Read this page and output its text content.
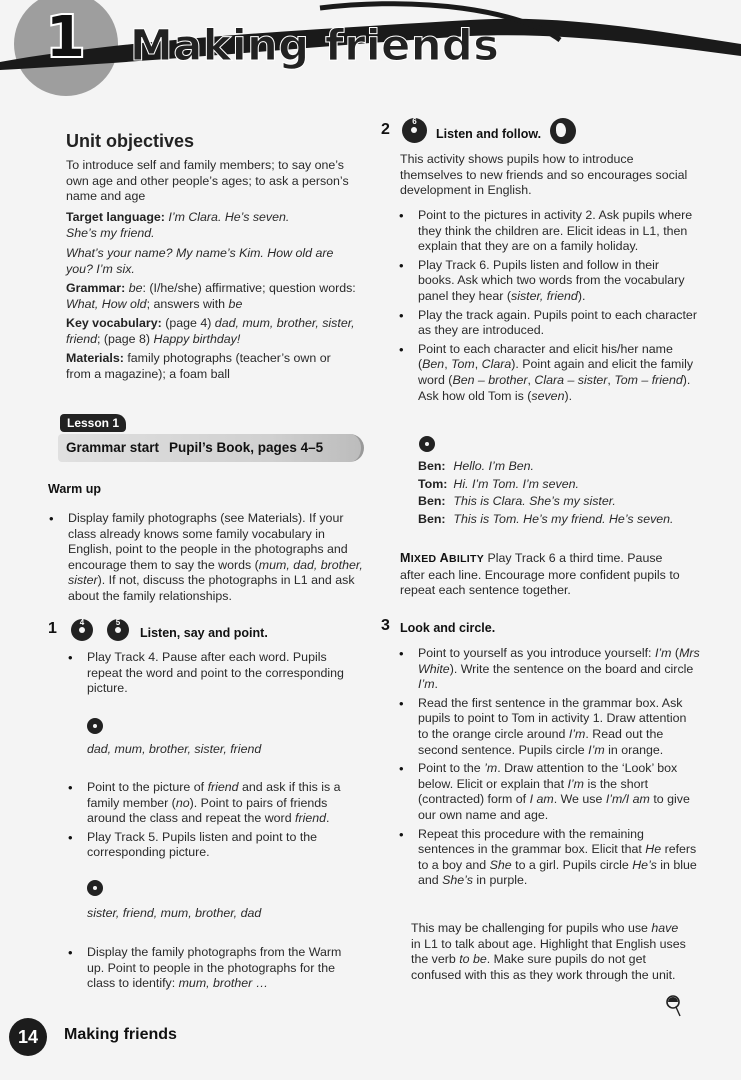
1 Making friends
Unit objectives

To introduce self and family members; to say one’s own age and other people’s ages; to ask a person’s name and age

Target language: I’m Clara. He’s seven.
She’s my friend.

What’s your name? My name’s Kim. How old are you? I’m six.

Grammar: be: (I/he/she) affirmative; question words: What, How old; answers with be

Key vocabulary: (page 4) dad, mum, brother, sister, friend; (page 8) Happy birthday!

Materials: family photographs (teacher’s own or from a magazine); a foam ball

Lesson 1
Grammar start Pupil’s Book, pages 4–5
Warm up
• Display family photographs (see Materials). If your class already knows some family vocabulary in English, point to the people in the photographs and encourage them to say the words (mum, dad, brother, sister). If not, discuss the photographs in L1 and ask about the family relationships.
1	4	5
Listen, say and point.
• Play Track 4. Pause after each word. Pupils repeat the word and point to the corresponding picture.
dad, mum, brother, sister, friend
• Point to the picture of friend and ask if this is a family member (no). Point to pairs of friends around the class and repeat the word friend.
• Play Track 5. Pupils listen and point to the corresponding picture.
sister, friend, mum, brother, dad
• Display the family photographs from the Warm up. Point to people in the photographs for the class to identify: mum, brother …
2	6
Listen and follow.

This activity shows pupils how to introduce themselves to new friends and so encourages social development in English.

• Point to the pictures in activity 2. Ask pupils where they think the children are. Elicit ideas in L1, then explain that they are on a family holiday.
• Play Track 6. Pupils listen and follow in their books. Ask which two words from the vocabulary panel they hear (sister, friend).
• Play the track again. Pupils point to each character as they are introduced.
• Point to each character and elicit his/her name (Ben, Tom, Clara). Point again and elicit the family word (Ben – brother, Clara – sister, Tom – friend). Ask how old Tom is (seven).
Ben:	Hello. I’m Ben.
Tom:	Hi. I’m Tom. I’m seven.
Ben:	This is Clara. She’s my sister.
Ben:	This is Tom. He’s my friend. He’s seven.

MIXED ABILITY Play Track 6 a third time. Pause after each line. Encourage more confident pupils to repeat each sentence together.

3 Look and circle.
• Point to yourself as you introduce yourself: I’m (Mrs White). Write the sentence on the board and circle I’m.
• Read the first sentence in the grammar box. Ask pupils to point to Tom in activity 1. Draw attention to the orange circle around I’m. Read out the second sentence. Pupils circle I’m in orange.
• Point to the ’m. Draw attention to the ‘Look’ box below. Elicit or explain that I’m is the short (contracted) form of I am. We use I’m/I am to give our own name and age.
• Repeat this procedure with the remaining sentences in the grammar box. Elicit that He refers to a boy and She to a girl. Pupils circle He’s in blue and She’s in purple.

This may be challenging for pupils who use have in L1 to talk about age. Highlight that English uses the verb to be. Make sure pupils do not get confused with this as they work through the unit.

14	Making friends
